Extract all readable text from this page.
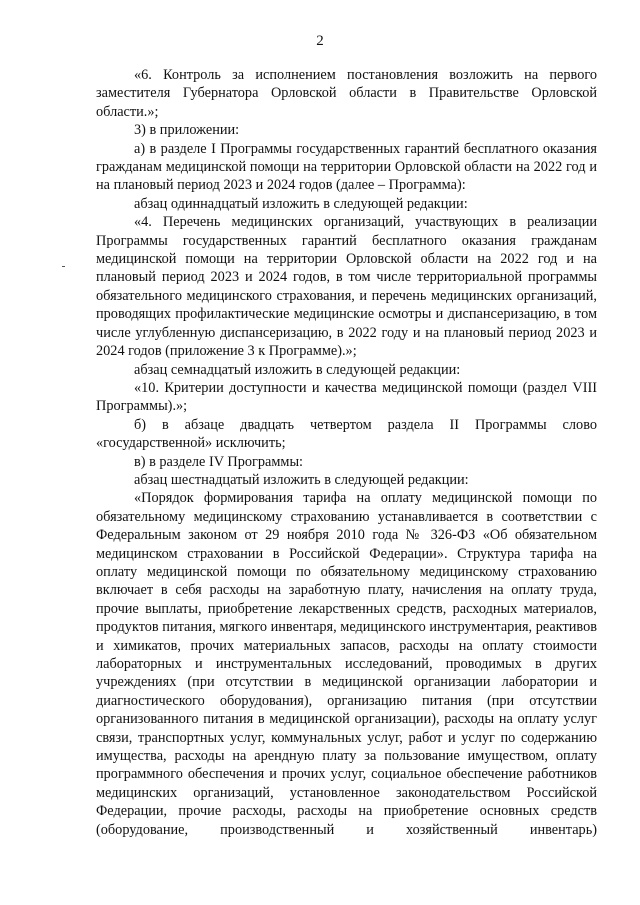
2

«6. Контроль за исполнением постановления возложить на первого заместителя Губернатора Орловской области в Правительстве Орловской области.»;

3) в приложении:

а) в разделе I Программы государственных гарантий бесплатного оказания гражданам медицинской помощи на территории Орловской области на 2022 год и на плановый период 2023 и 2024 годов (далее – Программа):

абзац одиннадцатый изложить в следующей редакции:

«4. Перечень медицинских организаций, участвующих в реализации Программы государственных гарантий бесплатного оказания гражданам медицинской помощи на территории Орловской области на 2022 год и на плановый период 2023 и 2024 годов, в том числе территориальной программы обязательного медицинского страхования, и перечень медицинских организаций, проводящих профилактические медицинские осмотры и диспансеризацию, в том числе углубленную диспансеризацию, в 2022 году и на плановый период 2023 и 2024 годов (приложение 3 к Программе).»;

абзац семнадцатый изложить в следующей редакции:

«10. Критерии доступности и качества медицинской помощи (раздел VIII Программы).»;

б) в абзаце двадцать четвертом раздела II Программы слово «государственной» исключить;

в) в разделе IV Программы:

абзац шестнадцатый изложить в следующей редакции:

«Порядок формирования тарифа на оплату медицинской помощи по обязательному медицинскому страхованию устанавливается в соответствии с Федеральным законом от 29 ноября 2010 года № 326-ФЗ «Об обязательном медицинском страховании в Российской Федерации». Структура тарифа на оплату медицинской помощи по обязательному медицинскому страхованию включает в себя расходы на заработную плату, начисления на оплату труда, прочие выплаты, приобретение лекарственных средств, расходных материалов, продуктов питания, мягкого инвентаря, медицинского инструментария, реактивов и химикатов, прочих материальных запасов, расходы на оплату стоимости лабораторных и инструментальных исследований, проводимых в других учреждениях (при отсутствии в медицинской организации лаборатории и диагностического оборудования), организацию питания (при отсутствии организованного питания в медицинской организации), расходы на оплату услуг связи, транспортных услуг, коммунальных услуг, работ и услуг по содержанию имущества, расходы на арендную плату за пользование имуществом, оплату программного обеспечения и прочих услуг, социальное обеспечение работников медицинских организаций, установленное законодательством Российской Федерации, прочие расходы, расходы на приобретение основных средств (оборудование, производственный и хозяйственный инвентарь)
